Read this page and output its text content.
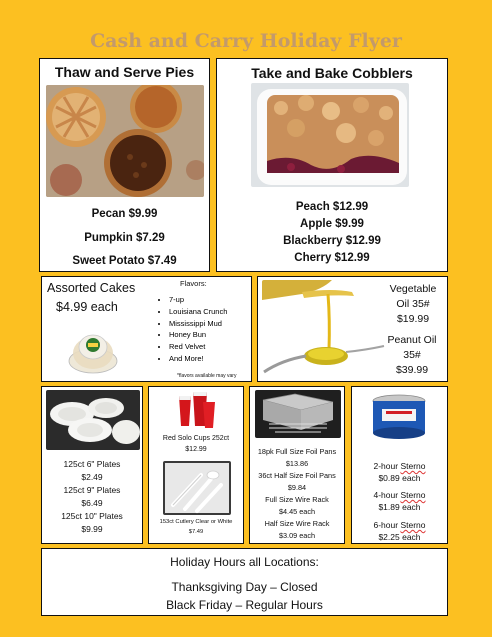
Cash and Carry Holiday Flyer
Thaw and Serve Pies
Pecan $9.99
Pumpkin $7.29
Sweet Potato $7.49
Take and Bake Cobblers
Peach $12.99
Apple $9.99
Blackberry $12.99
Cherry $12.99
Assorted Cakes
$4.99 each
Flavors:
• 7-up
• Louisiana Crunch
• Mississippi Mud
• Honey Bun
• Red Velvet
• And More!
*flavors available may vary
Vegetable
Oil 35#
$19.99
Peanut Oil
35#
$39.99
125ct 6" Plates
$2.49
125ct 9" Plates
$6.49
125ct 10" Plates
$9.99
Red Solo Cups 252ct
$12.99
153ct Cutlery Clear or White
$7.49
18pk Full Size Foil Pans
$13.86
36ct Half Size Foil Pans
$9.84
Full Size Wire Rack
$4.45 each
Half Size Wire Rack
$3.09 each
2-hour Sterno
$0.89 each
4-hour Sterno
$1.89 each
6-hour Sterno
$2.25 each
Holiday Hours all Locations:
Thanksgiving Day – Closed
Black Friday – Regular Hours
